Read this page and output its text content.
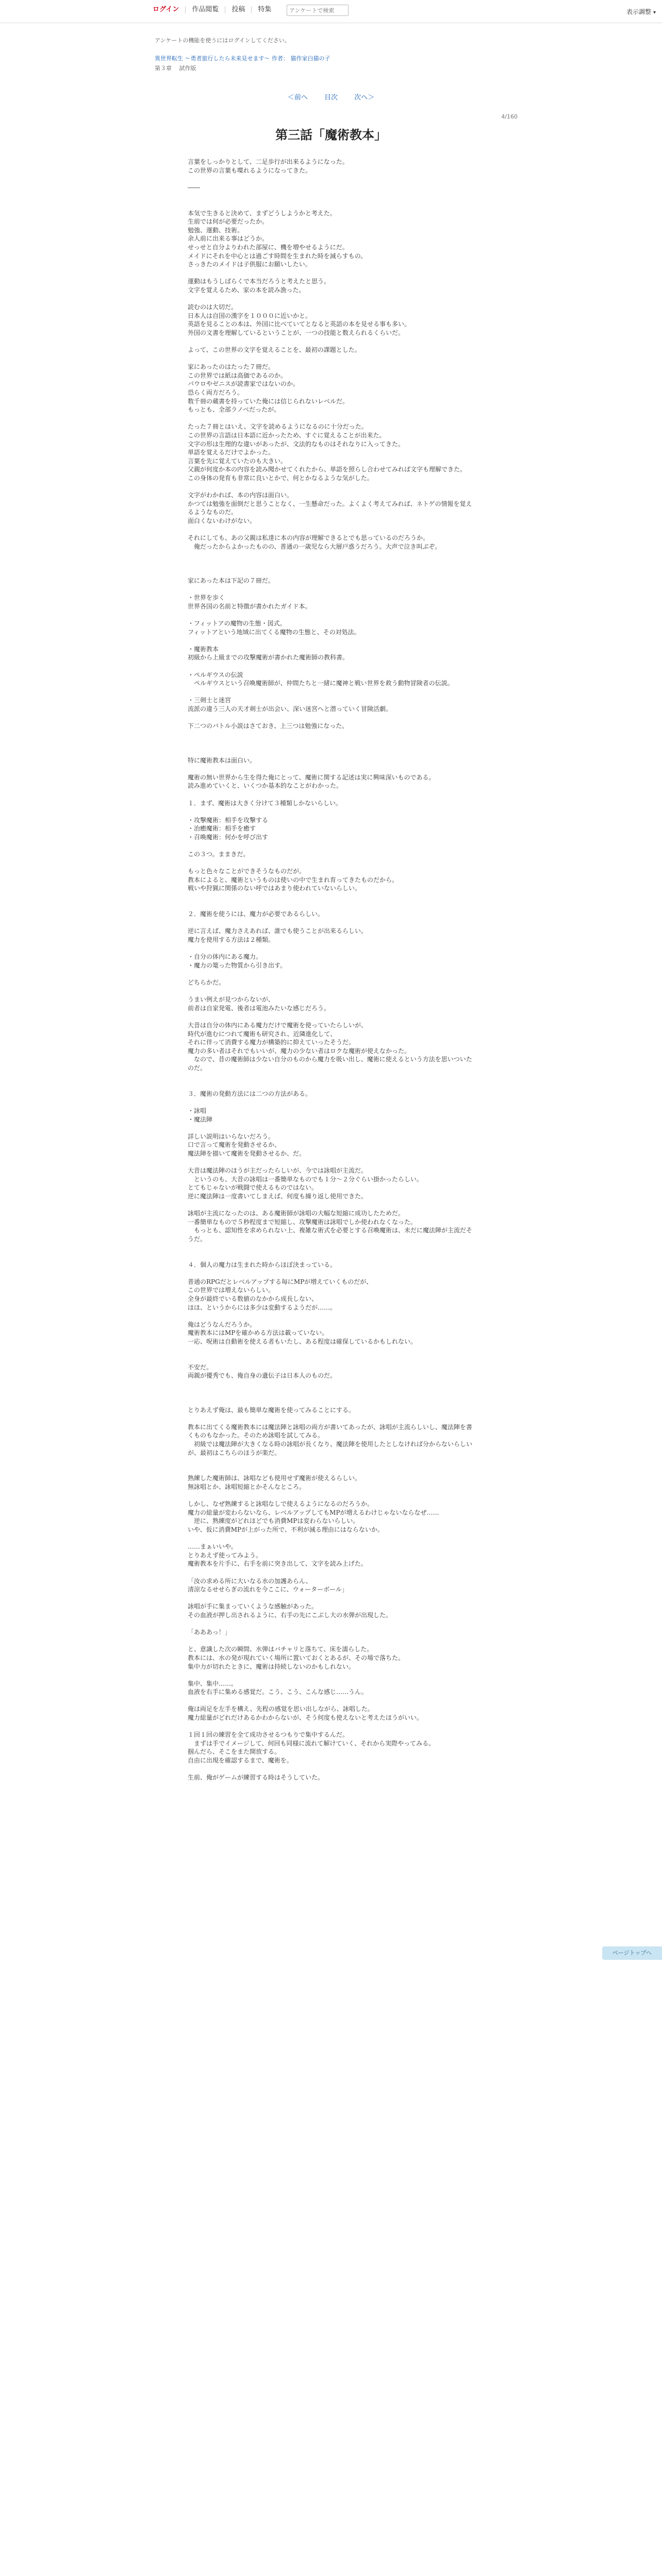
ログイン	作品閲覧	投稿	特集
アンケートで検索	表示調整 ▾
アンケートの機能を使うにはログインしてください。
異世界転生 ～勇者旅行したら未来見せます～ 作者： 猫作家白猫の子
第３章 　試作版
＜前へ 目次 次へ＞
4/160
第三話「魔術教本」

言葉をしっかりとして、二足歩行が出来るようになった。
この世界の言葉も喋れるようになってきた。

――

本気で生きると決めて、まずどうしようかと考えた。
生前では何が必要だったか。
勉強、運動、技術。
余人前に出来る事はどうか。
せっせと自分よりわれた部屋に、機を増やせるようにだ。
メイドにそれを中心とは過ごす時間を生まれた時を減らすもの。
さっきたのメイドは子供服にお願いしたい。

運動はもうしばらくで本当だろうと考えたと思う。
文字を覚えるため、家の本を読み漁った。

読むのは大切だ。
日本人は自国の漢字を１０００に近いかと。
英語を見ることの本は、外国に比べていてとなると英語の本を見せる事も多い。
外国の文書を理解しているということが、一つの技能と数えられるくらいだ。

よって、この世界の文字を覚えることを、最初の課題とした。

家にあったのはたった７冊だ。
この世界では紙は高価であるのか。
パウロやゼニスが読書家ではないのか。
恐らく両方だろう。
数千冊の蔵書を持っていた俺には信じられないレベルだ。
もっとも、全部ラノベだったが。

たった７冊とはいえ、文字を読めるようになるのに十分だった。
この世界の言語は日本語に近かったため、すぐに覚えることが出来た。
文字の形は生理的な違いがあったが、文法的なものはそれなりに入ってきた。
単語を覚えるだけでよかった。
言葉を先に覚えていたのも大きい。
父親が何度か本の内容を読み聞かせてくれたから、単語を照らし合わせてみれば文字も理解できた。
この身体の発育も非常に良いとかで、何とかなるような気がした。

文字がわかれば、本の内容は面白い。
かつては勉強を面倒だと思うことなく、一生懸命だった。よくよく考えてみれば、ネトゲの情報を覚えるようなものだ。
面白くないわけがない。

それにしても、あの父親は私達に本の内容が理解できるとでも思っているのだろうか。
　俺だったからよかったものの、普通の一歳児なら大層戸惑うだろう。大声で泣き叫ぶぞ。

家にあった本は下記の７冊だ。

・世界を歩く
世界各国の名前と特徴が書かれたガイド本。

・フィットアの魔物の生態・図式。
フィットアという地域に出てくる魔物の生態と、その対処法。

・魔術教本
初級から上級までの攻撃魔術が書かれた魔術師の教科書。

・ペルギウスの伝説
　ペルギウスという召喚魔術師が、仲間たちと一緒に魔神と戦い世界を救う動物冒険者の伝説。

・三剣士と迷宮
流派の違う三人の天才剣士が出会い、深い迷宮へと潜っていく冒険活劇。

下二つのバトル小説はさておき、上三つは勉強になった。

特に魔術教本は面白い。

魔術の無い世界から生を得た俺にとって、魔術に関する記述は実に興味深いものである。
読み進めていくと、いくつか基本的なことがわかった。

１．まず、魔術は大きく分けて３種類しかないらしい。

・攻撃魔術：相手を攻撃する
・治癒魔術：相手を癒す
・召喚魔術：何かを呼び出す

この３つ。ままきだ。

もっと色々なことができそうなものだが。
教本によると、魔術というものは使いの中で生まれ育ってきたものだから。
戦いや狩猟に関係のない呼ではあまり使われていないらしい。

２．魔術を使うには、魔力が必要であるらしい。

逆に言えば、魔力さえあれば、誰でも使うことが出来るらしい。
魔力を使用する方法は２種類。

・自分の体内にある魔力。
・魔力の篭った物質から引き出す。

どちらかだ。

うまい例えが見つからないが、
前者は自家発電、後者は電池みたいな感じだろう。

大昔は自分の体内にある魔力だけで魔術を使っていたらしいが、
時代が進むにつれて魔術も研究され、近隣進化して、
それに伴って消費する魔力が構築的に抑えていったそうだ。
魔力の多い者はそれでもいいが、魔力の少ない者はロクな魔術が使えなかった。
　なので、昔の魔術師は少ない自分のものから魔力を吸い出し、魔術に使えるという方法を思いついたのだ。

３．魔術の発動方法には二つの方法がある。

・詠唱
・魔法陣

詳しい説明はいらないだろう。
口で言って魔術を発動させるか、
魔法陣を描いて魔術を発動させるか、だ。

大昔は魔法陣のほうが主だったらしいが、今では詠唱が主流だ。
　というのも、大昔の詠唱は一番簡単なものでも１分〜２分ぐらい掛かったらしい。
とてもじゃないが戦闘で使えるものではない。
逆に魔法陣は一度書いてしまえば、何度も繰り返し使用できた。

詠唱が主流になったのは、ある魔術師が詠唱の大幅な短縮に成功したためだ。
一番簡単なもので５秒程度まで短縮し、攻撃魔術は詠唱でしか使われなくなった。
　もっとも、認知性を求められない上、複雑な術式を必要とする召喚魔術は、未だに魔法陣が主流だそうだ。

４．個人の魔力は生まれた時からほぼ決まっている。

普通のRPGだとレベルアップする毎にMPが増えていくものだが、
この世界では増えないらしい。
全身が最終でいる数値のなかから成長しない、
ほほ、というからには多少は変動するようだが……。

俺はどうなんだろうか。
魔術教本にはMPを確かめる方法は載っていない。
一応、呪術は自動術を使える者もいたし、ある程度は確保しているかもしれない。

不安だ。
両親が優秀でも、俺自身の遺伝子は日本人のものだ。

とりあえず俺は、最も簡単な魔術を使ってみることにする。

教本に出てくる魔術教本には魔法陣と詠唱の両方が書いてあったが、詠唱が主流らしいし、魔法陣を書くものもなかった。そのため詠唱を試してみる。
　初級では魔法陣が大きくなる時の詠唱が長くなり、魔法陣を使用したとしなければ分からないらしいが、最初はこちらのほうが楽だ。

熟練した魔術師は、詠唱なども使用せず魔術が使えるらしい。
無詠唱とか、詠唱短縮とかそんなところ。

しかし、なぜ熟練すると詠唱なしで使えるようになるのだろうか。
魔力の総量が変わらないなら、レベルアップしてもMPが増えるわけじゃないならなぜ……
　逆に、熟練度がどれほどでも消費MPは変わらないらしい。
いや、仮に消費MPが上がった所で、不利が減る理由にはならないか。

……まぁいいや。
とりあえず使ってみよう。
魔術教本を片手に、右手を前に突き出して、文字を読み上げた。

「汝の求める所に大いなる水の加護あらん、
清涼なるせせらぎの流れを今ここに、ウォーターボール」

詠唱が手に集まっていくような感触があった。
その血液が押し出されるように、右手の先にこぶし大の水弾が出現した。

「あああっ！」

と、意識した次の瞬間、水弾はバチャリと落ちて、床を濡らした。
教本には、水の発が現れていく場所に置いておくとあるが、その場で落ちた。
集中力が切れたときに、魔術は持続しないのかもしれない。

集中、集中……。
血液を右手に集める感覚だ。こう、こう、こんな感じ……うん。

俺は両足を左手を構え、先程の感覚を思い出しながら、詠唱した。
魔力総量がどれだけあるかわからないが、そう何度も使えないと考えたほうがいい。

１回１回の練習を全て成功させるつもりで集中するんだ。
　まずは手でイメージして、何回も同様に流れて解けていく、それから実際やってみる。
掴んだら、そこをまた開放する。
自由に出現を確認するまで、魔術を。

生前、俺がゲームが練習する時はそうしていた。

ページトップへ
